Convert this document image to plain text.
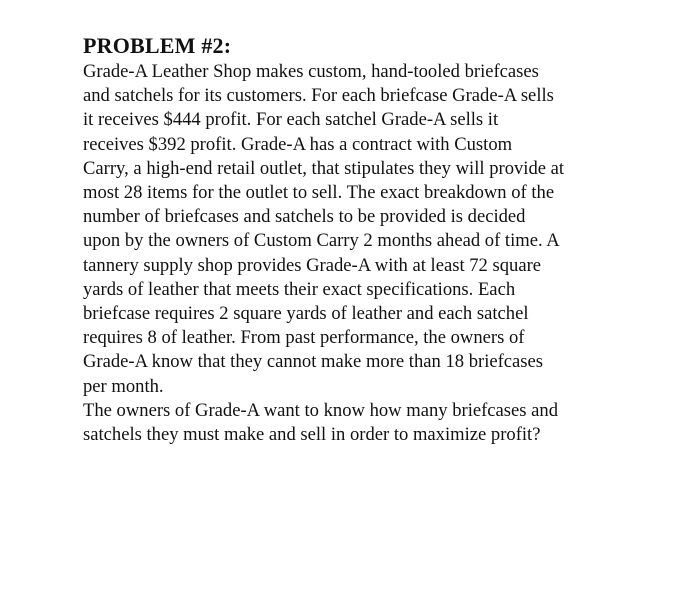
PROBLEM #2:

Grade-A Leather Shop makes custom, hand-tooled briefcases
and satchels for its customers. For each briefcase Grade-A sells
it receives $444 profit. For each satchel Grade-A sells it
receives $392 profit. Grade-A has a contract with Custom
Carry, a high-end retail outlet, that stipulates they will provide at
most 28 items for the outlet to sell. The exact breakdown of the
number of briefcases and satchels to be provided is decided
upon by the owners of Custom Carry 2 months ahead of time. A
tannery supply shop provides Grade-A with at least 72 square
yards of leather that meets their exact specifications. Each
briefcase requires 2 square yards of leather and each satchel
requires 8 of leather. From past performance, the owners of
Grade-A know that they cannot make more than 18 briefcases
per month.

The owners of Grade-A want to know how many briefcases and
satchels they must make and sell in order to maximize profit?
